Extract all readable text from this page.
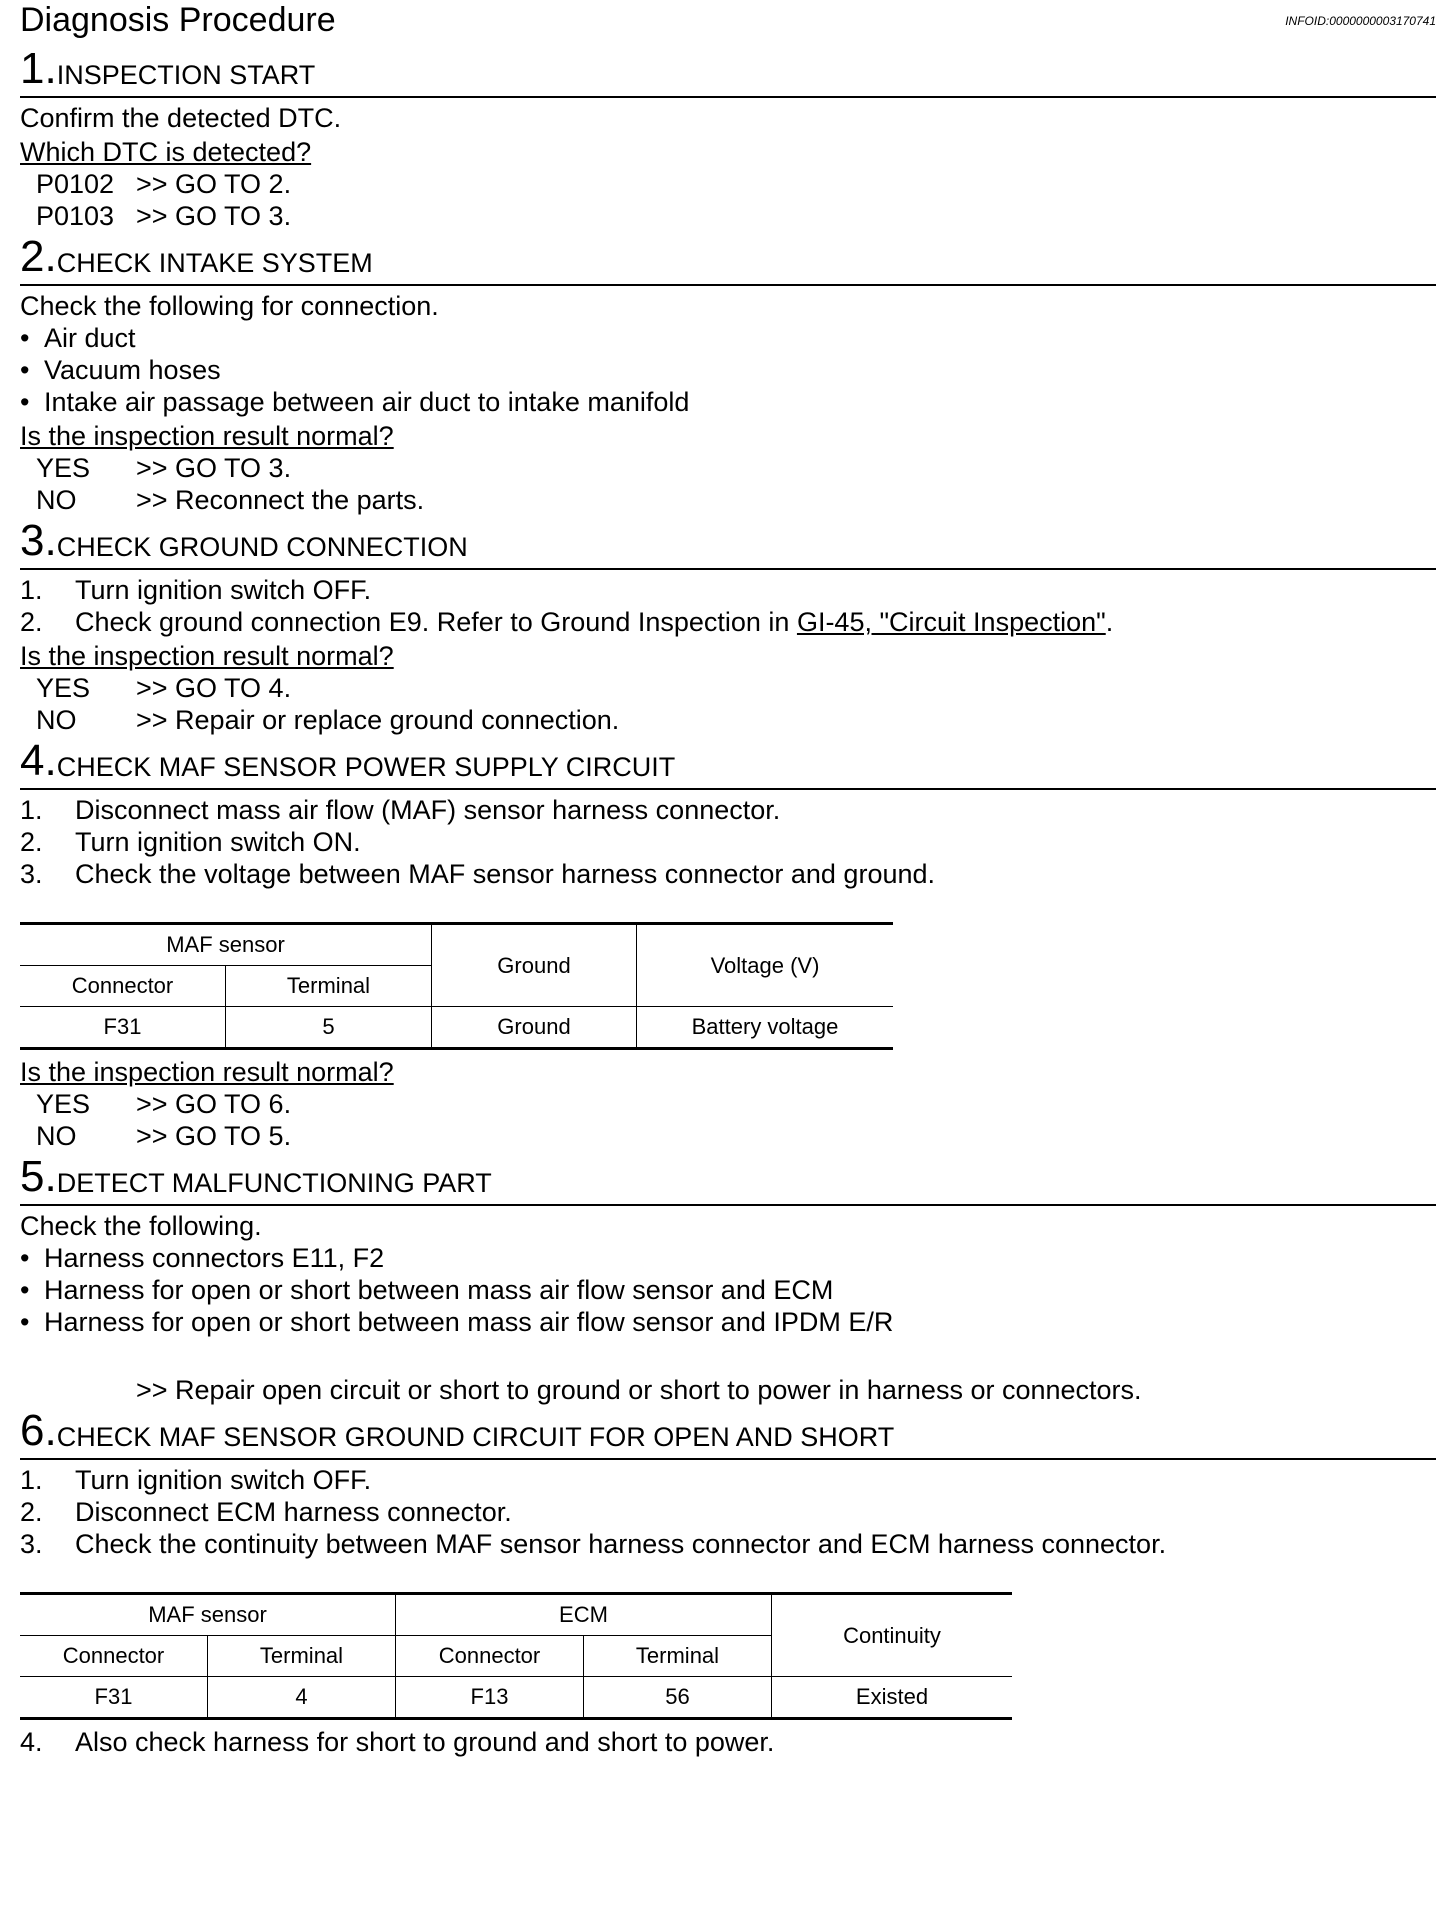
Diagnosis Procedure	INFOID:0000000003170741
1. INSPECTION START
Confirm the detected DTC.
Which DTC is detected?
P0102 >> GO TO 2.
P0103 >> GO TO 3.
2. CHECK INTAKE SYSTEM
Check the following for connection.
• Air duct
• Vacuum hoses
• Intake air passage between air duct to intake manifold
Is the inspection result normal?
YES >> GO TO 3.
NO >> Reconnect the parts.
3. CHECK GROUND CONNECTION
1. Turn ignition switch OFF.
2. Check ground connection E9. Refer to Ground Inspection in GI-45, "Circuit Inspection".
Is the inspection result normal?
YES >> GO TO 4.
NO >> Repair or replace ground connection.
4. CHECK MAF SENSOR POWER SUPPLY CIRCUIT
1. Disconnect mass air flow (MAF) sensor harness connector.
2. Turn ignition switch ON.
3. Check the voltage between MAF sensor harness connector and ground.
MAF sensor		Ground	Voltage (V)
Connector	Terminal		
F31	5	Ground	Battery voltage
Is the inspection result normal?
YES >> GO TO 6.
NO >> GO TO 5.
5. DETECT MALFUNCTIONING PART
Check the following.
• Harness connectors E11, F2
• Harness for open or short between mass air flow sensor and ECM
• Harness for open or short between mass air flow sensor and IPDM E/R
>> Repair open circuit or short to ground or short to power in harness or connectors.
6. CHECK MAF SENSOR GROUND CIRCUIT FOR OPEN AND SHORT
1. Turn ignition switch OFF.
2. Disconnect ECM harness connector.
3. Check the continuity between MAF sensor harness connector and ECM harness connector.
MAF sensor		ECM		Continuity
Connector	Terminal	Connector	Terminal	
F31	4	F13	56	Existed
4. Also check harness for short to ground and short to power.
